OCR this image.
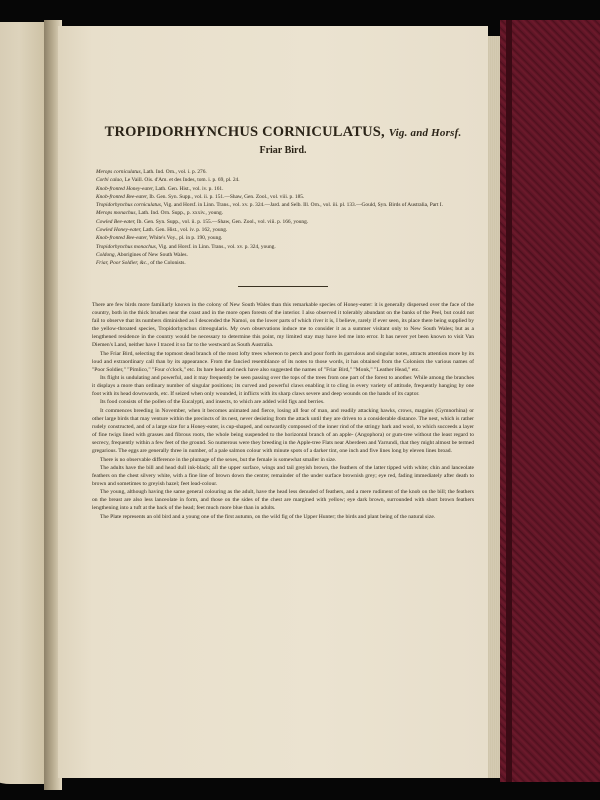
TROPIDORHYNCHUS CORNICULATUS, Vig. and Horsf.
Friar Bird.

Merops corniculatus, Lath. Ind. Orn., vol. i. p. 276.

Corbi calao, Le Vaill. Ois. d'Am. et des Indes, tom. i. p. 69, pl. 24.

Knob-fronted Honey-eater, Lath. Gen. Hist., vol. iv. p. 161.

Knob-fronted Bee-eater, Ib. Gen. Syn. Supp., vol. ii. p. 151.—Shaw, Gen. Zool., vol. viii. p. 185.

Tropidorhynchus corniculatus, Vig. and Horsf. in Linn. Trans., vol. xv. p. 324.—Jard. and Selb. Ill. Orn., vol. iii. pl. 133.—Gould, Syn. Birds of Australia, Part I.

Merops monachus, Lath. Ind. Orn. Supp., p. xxxiv., young.

Cowled Bee-eater, Ib. Gen. Syn. Supp., vol. ii. p. 155.—Shaw, Gen. Zool., vol. viii. p. 166, young.

Cowled Honey-eater, Lath. Gen. Hist., vol. iv. p. 162, young.

Knob-fronted Bee-eater, White's Voy., pl. in p. 190, young.

Tropidorhynchus monachus, Vig. and Horsf. in Linn. Trans., vol. xv. p. 324, young.

Coldong, Aborigines of New South Wales.

Friar, Poor Soldier, &c., of the Colonists.

There are few birds more familiarly known in the colony of New South Wales than this remarkable species of Honey-eater: it is generally dispersed over the face of the country, both in the thick brushes near the coast and in the more open forests of the interior. I also observed it tolerably abundant on the banks of the Peel, but could not fail to observe that its numbers diminished as I descended the Namoi, on the lower parts of which river it is, I believe, rarely if ever seen, its place there being supplied by the yellow-throated species, Tropidorhynchus citreogularis. My own observations induce me to consider it as a summer visitant only to New South Wales; but as a lengthened residence in the country would be necessary to determine this point, my limited stay may have led me into error. It has never yet been known to visit Van Diemen's Land, neither have I traced it so far to the westward as South Australia.

The Friar Bird, selecting the topmost dead branch of the most lofty trees whereon to perch and pour forth its garrulous and singular notes, attracts attention more by its loud and extraordinary call than by its appearance. From the fancied resemblance of its notes to those words, it has obtained from the Colonists the various names of "Poor Soldier," "Pimlico," "Four o'clock," etc. Its bare head and neck have also suggested the names of "Friar Bird," "Monk," "Leather Head," etc.

Its flight is undulating and powerful, and it may frequently be seen passing over the tops of the trees from one part of the forest to another. While among the branches it displays a more than ordinary number of singular positions; its curved and powerful claws enabling it to cling in every variety of attitude, frequently hanging by one foot with its head downwards, etc. If seized when only wounded, it inflicts with its sharp claws severe and deep wounds on the hands of its captor.

Its food consists of the pollen of the Eucalypti, and insects, to which are added wild figs and berries.

It commences breeding in November, when it becomes animated and fierce, losing all fear of man, and readily attacking hawks, crows, magpies (Gymnorhina) or other large birds that may venture within the precincts of its nest, never desisting from the attack until they are driven to a considerable distance. The nest, which is rather rudely constructed, and of a large size for a Honey-eater, is cup-shaped, and outwardly composed of the inner rind of the stringy bark and wool, to which succeeds a layer of fine twigs lined with grasses and fibrous roots, the whole being suspended to the horizontal branch of an apple- (Angophora) or gum-tree without the least regard to secrecy, frequently within a few feet of the ground. So numerous were they breeding in the Apple-tree Flats near Aberdeen and Yarrundi, that they might almost be termed gregarious. The eggs are generally three in number, of a pale salmon colour with minute spots of a darker tint, one inch and five lines long by eleven lines broad.

There is no observable difference in the plumage of the sexes, but the female is somewhat smaller in size.

The adults have the bill and head dull ink-black; all the upper surface, wings and tail greyish brown, the feathers of the latter tipped with white; chin and lanceolate feathers on the chest silvery white, with a fine line of brown down the centre; remainder of the under surface brownish grey; eye red, fading immediately after death to brown and sometimes to greyish hazel; feet lead-colour.

The young, although having the same general colouring as the adult, have the head less denuded of feathers, and a mere rudiment of the knob on the bill; the feathers on the breast are also less lanceolate in form, and those on the sides of the chest are margined with yellow; eye dark brown, surrounded with short brown feathers lengthening into a tuft at the back of the head; feet much more blue than in adults.

The Plate represents an old bird and a young one of the first autumn, on the wild fig of the Upper Hunter; the birds and plant being of the natural size.
